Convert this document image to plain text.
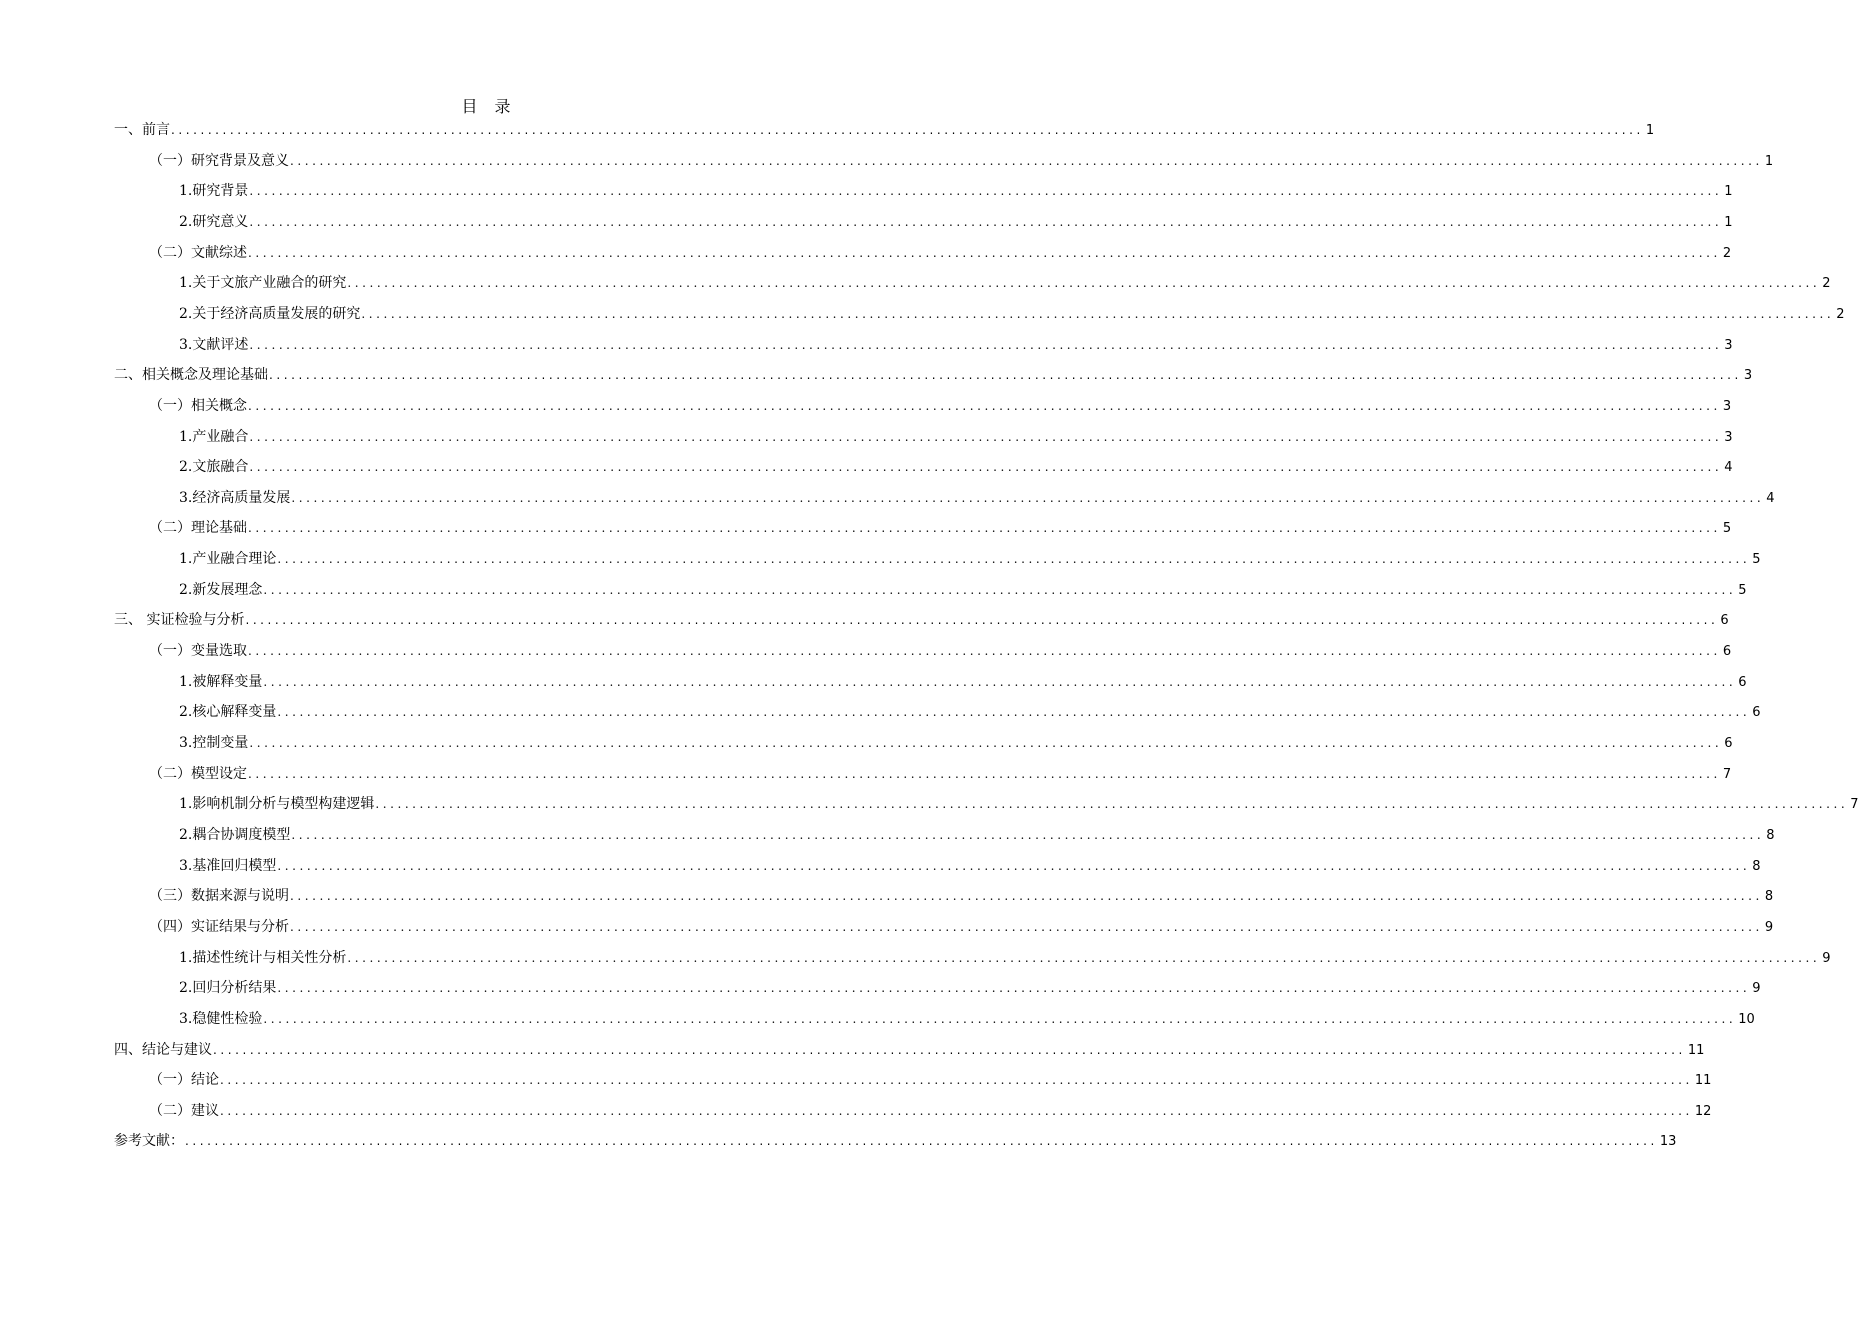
目 录
一、前言 ........................................................................................................................................................................................................ 1
（一）研究背景及意义 ........................................................................................................................................................................................................ 1
1.研究背景 ........................................................................................................................................................................................................ 1
2.研究意义 ........................................................................................................................................................................................................ 1
（二）文献综述 ........................................................................................................................................................................................................ 2
1.关于文旅产业融合的研究 ........................................................................................................................................................................................................ 2
2.关于经济高质量发展的研究 ........................................................................................................................................................................................................ 2
3.文献评述 ........................................................................................................................................................................................................ 3
二、相关概念及理论基础 ........................................................................................................................................................................................................ 3
（一）相关概念 ........................................................................................................................................................................................................ 3
1.产业融合 ........................................................................................................................................................................................................ 3
2.文旅融合 ........................................................................................................................................................................................................ 4
3.经济高质量发展 ........................................................................................................................................................................................................ 4
（二）理论基础 ........................................................................................................................................................................................................ 5
1.产业融合理论 ........................................................................................................................................................................................................ 5
2.新发展理念 ........................................................................................................................................................................................................ 5
三、 实证检验与分析 ........................................................................................................................................................................................................ 6
（一）变量选取 ........................................................................................................................................................................................................ 6
1.被解释变量 ........................................................................................................................................................................................................ 6
2.核心解释变量 ........................................................................................................................................................................................................ 6
3.控制变量 ........................................................................................................................................................................................................ 6
（二）模型设定 ........................................................................................................................................................................................................ 7
1.影响机制分析与模型构建逻辑 ........................................................................................................................................................................................................ 7
2.耦合协调度模型 ........................................................................................................................................................................................................ 8
3.基准回归模型 ........................................................................................................................................................................................................ 8
（三）数据来源与说明 ........................................................................................................................................................................................................ 8
（四）实证结果与分析 ........................................................................................................................................................................................................ 9
1.描述性统计与相关性分析 ........................................................................................................................................................................................................ 9
2.回归分析结果 ........................................................................................................................................................................................................ 9
3.稳健性检验 ........................................................................................................................................................................................................ 10
四、结论与建议 ........................................................................................................................................................................................................ 11
（一）结论 ........................................................................................................................................................................................................ 11
（二）建议 ........................................................................................................................................................................................................ 12
参考文献： ........................................................................................................................................................................................................ 13
